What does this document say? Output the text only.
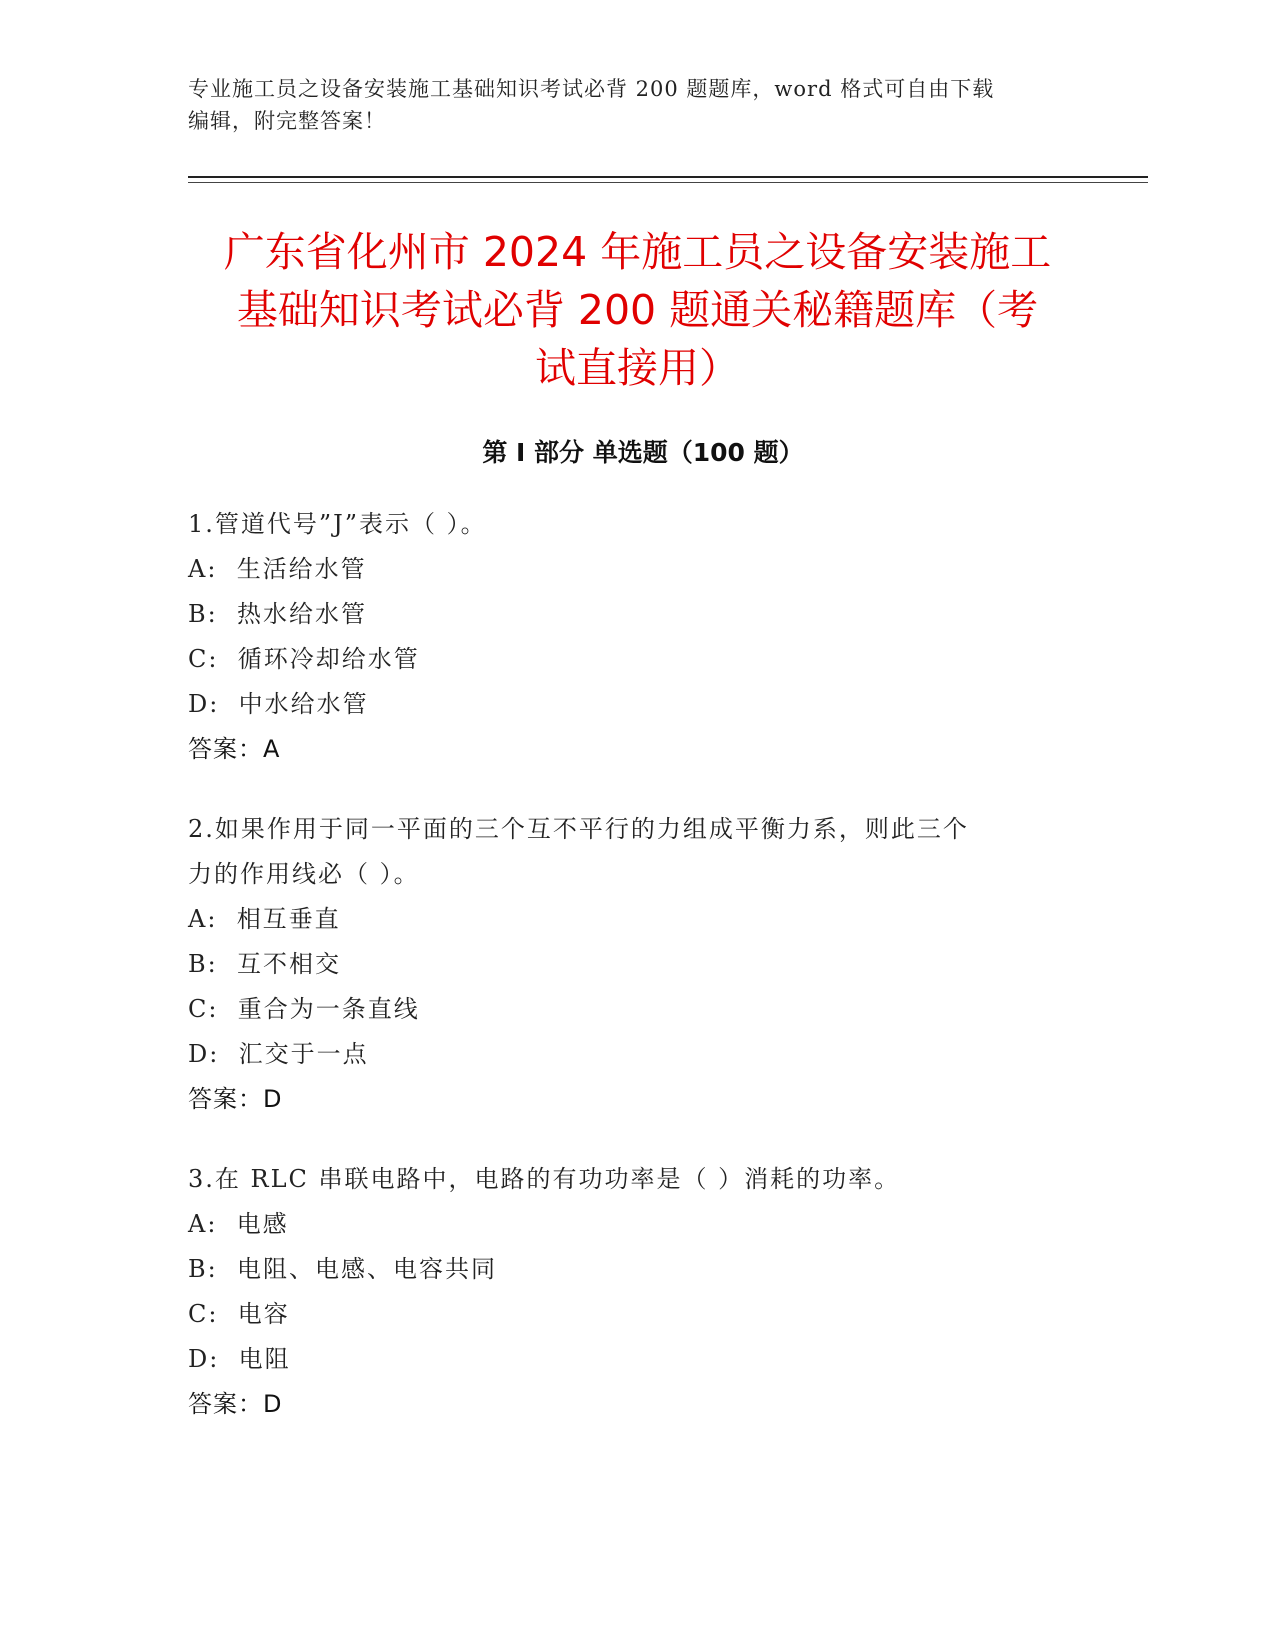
专业施工员之设备安装施工基础知识考试必背 200 题题库，word 格式可自由下载
编辑，附完整答案！
广东省化州市 2024 年施工员之设备安装施工
基础知识考试必背 200 题通关秘籍题库（考
试直接用）
第 I 部分 单选题（100 题）

1.管道代号”J”表示（ ）。

A: 生活给水管

B: 热水给水管

C: 循环冷却给水管

D: 中水给水管

答案：A

2.如果作用于同一平面的三个互不平行的力组成平衡力系，则此三个

力的作用线必（ ）。

A: 相互垂直

B: 互不相交

C: 重合为一条直线

D: 汇交于一点

答案：D

3.在 RLC 串联电路中，电路的有功功率是（ ）消耗的功率。

A: 电感

B: 电阻、电感、电容共同

C: 电容

D: 电阻

答案：D
